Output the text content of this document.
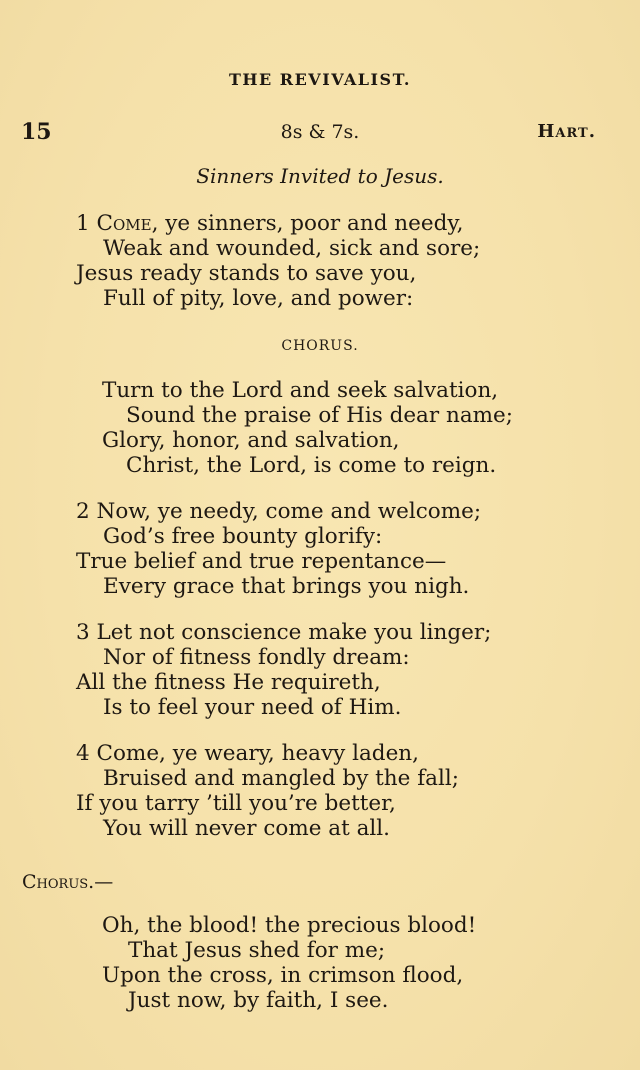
THE REVIVALIST.
15	8s & 7s.	Hart.
Sinners Invited to Jesus.
1 Come, ye sinners, poor and needy,
Weak and wounded, sick and sore;
Jesus ready stands to save you,
Full of pity, love, and power:
CHORUS.
Turn to the Lord and seek salvation,
Sound the praise of His dear name;
Glory, honor, and salvation,
Christ, the Lord, is come to reign.
2 Now, ye needy, come and welcome;
God’s free bounty glorify:
True belief and true repentance—
Every grace that brings you nigh.
3 Let not conscience make you linger;
Nor of fitness fondly dream:
All the fitness He requireth,
Is to feel your need of Him.
4 Come, ye weary, heavy laden,
Bruised and mangled by the fall;
If you tarry ’till you’re better,
You will never come at all.
Chorus.—
Oh, the blood! the precious blood!
That Jesus shed for me;
Upon the cross, in crimson flood,
Just now, by faith, I see.
